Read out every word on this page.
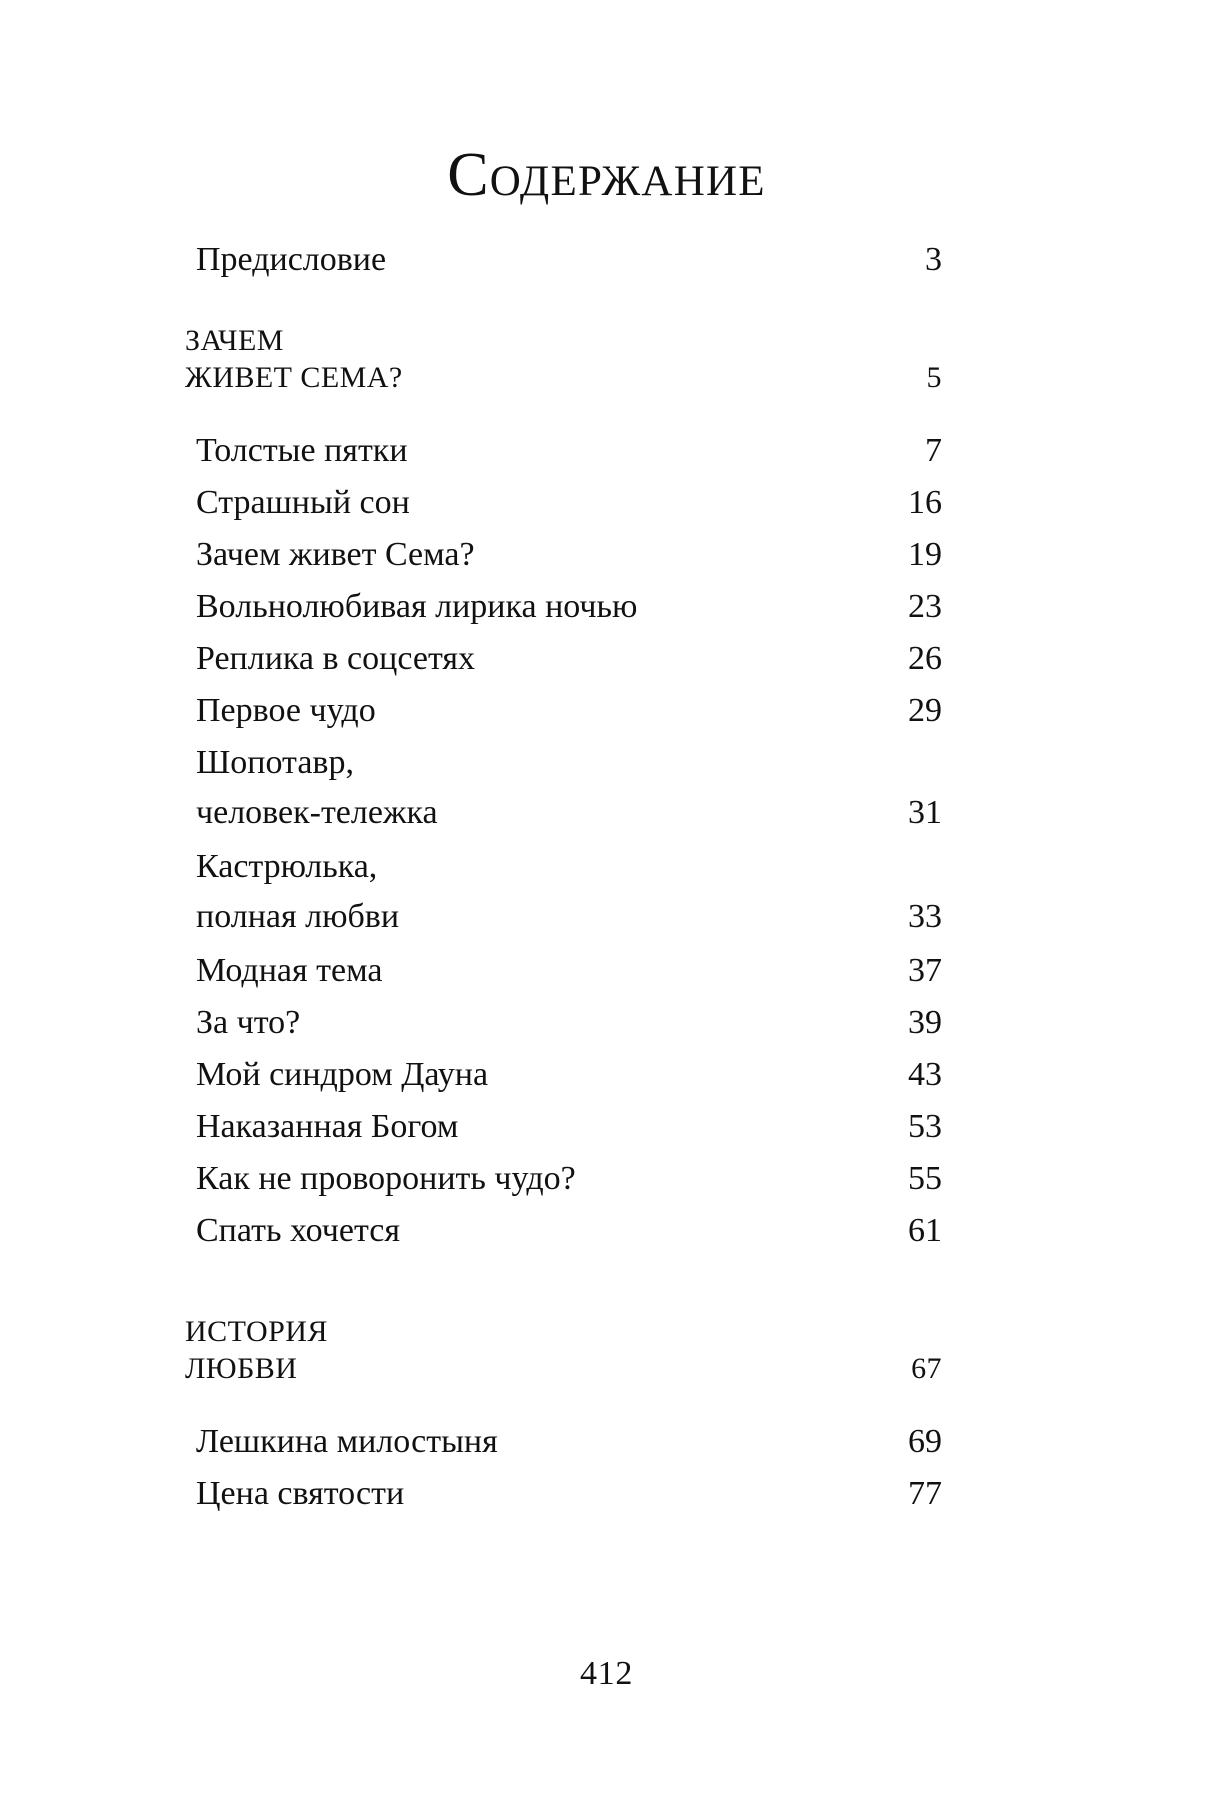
Содержание
Предисловие	3
ЗАЧЕМ
ЖИВЕТ СЕМА?	5
Толстые пятки	7
Страшный сон	16
Зачем живет Сема?	19
Вольнолюбивая лирика ночью	23
Реплика в соцсетях	26
Первое чудо	29
Шопотавр,
человек-тележка	31
Кастрюлька,
полная любви	33
Модная тема	37
За что?	39
Мой синдром Дауна	43
Наказанная Богом	53
Как не проворонить чудо?	55
Спать хочется	61
ИСТОРИЯ
ЛЮБВИ	67
Лешкина милостыня	69
Цена святости	77
412
